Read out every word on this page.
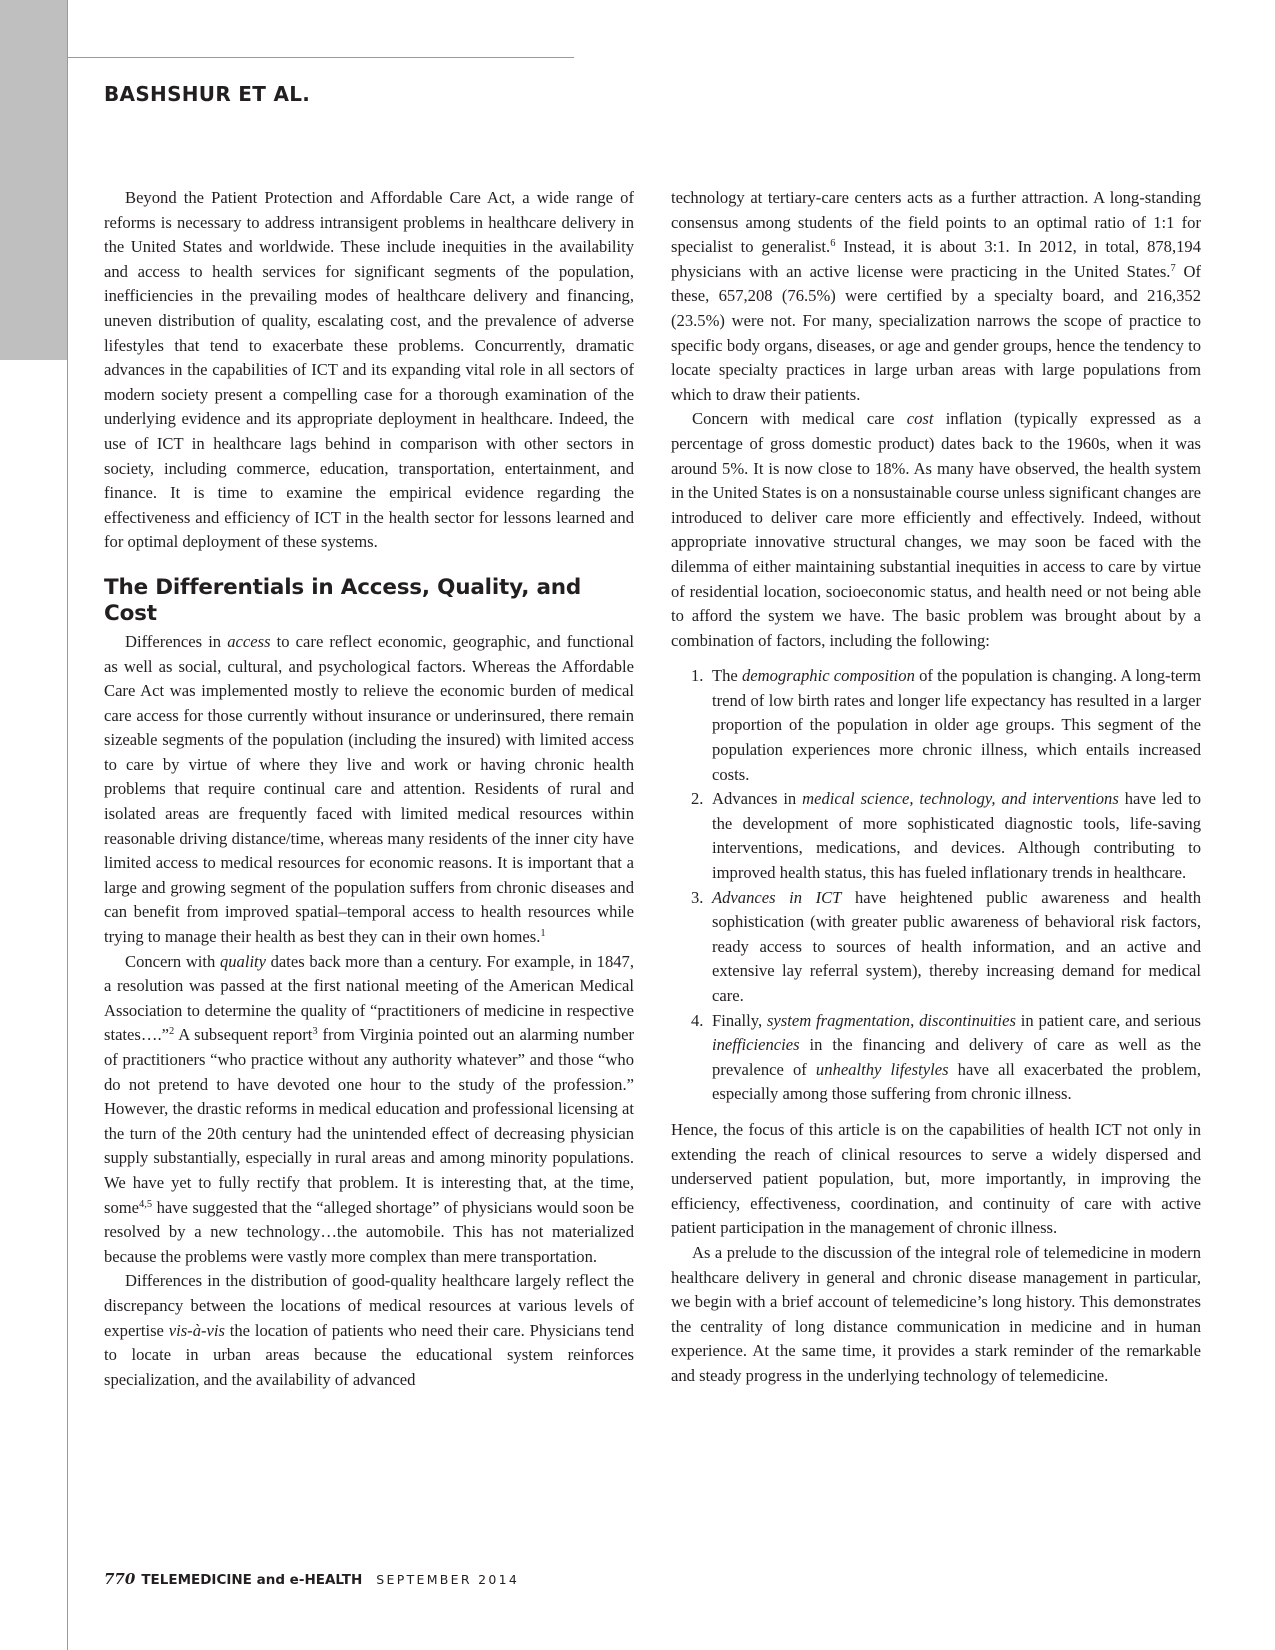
BASHSHUR ET AL.

Beyond the Patient Protection and Affordable Care Act, a wide range of reforms is necessary to address intransigent problems in healthcare delivery in the United States and worldwide. These include inequities in the availability and access to health services for significant segments of the population, inefficiencies in the prevailing modes of healthcare delivery and financing, uneven distribution of quality, escalating cost, and the prevalence of adverse lifestyles that tend to exacerbate these problems. Concurrently, dramatic advances in the capabilities of ICT and its expanding vital role in all sectors of modern society present a compelling case for a thorough examination of the underlying evidence and its appropriate deployment in healthcare. Indeed, the use of ICT in healthcare lags behind in comparison with other sectors in society, including commerce, education, transportation, entertainment, and finance. It is time to examine the empirical evidence regarding the effectiveness and efficiency of ICT in the health sector for lessons learned and for optimal deployment of these systems.

The Differentials in Access, Quality, and Cost

Differences in access to care reflect economic, geographic, and functional as well as social, cultural, and psychological factors. Whereas the Affordable Care Act was implemented mostly to relieve the economic burden of medical care access for those currently without insurance or underinsured, there remain sizeable segments of the population (including the insured) with limited access to care by virtue of where they live and work or having chronic health problems that require continual care and attention. Residents of rural and isolated areas are frequently faced with limited medical resources within reasonable driving distance/time, whereas many residents of the inner city have limited access to medical resources for economic reasons. It is important that a large and growing segment of the population suffers from chronic diseases and can benefit from improved spatial–temporal access to health resources while trying to manage their health as best they can in their own homes.$^1$

Concern with quality dates back more than a century. For example, in 1847, a resolution was passed at the first national meeting of the American Medical Association to determine the quality of “practitioners of medicine in respective states….”$^2$ A subsequent report$^3$ from Virginia pointed out an alarming number of practitioners “who practice without any authority whatever” and those “who do not pretend to have devoted one hour to the study of the profession.” However, the drastic reforms in medical education and professional licensing at the turn of the 20th century had the unintended effect of decreasing physician supply substantially, especially in rural areas and among minority populations. We have yet to fully rectify that problem. It is interesting that, at the time, some$^{4,5}$ have suggested that the “alleged shortage” of physicians would soon be resolved by a new technology…the automobile. This has not materialized because the problems were vastly more complex than mere transportation.

Differences in the distribution of good-quality healthcare largely reflect the discrepancy between the locations of medical resources at various levels of expertise vis-à-vis the location of patients who need their care. Physicians tend to locate in urban areas because the educational system reinforces specialization, and the availability of advanced

technology at tertiary-care centers acts as a further attraction. A long-standing consensus among students of the field points to an optimal ratio of 1:1 for specialist to generalist.$^6$ Instead, it is about 3:1. In 2012, in total, 878,194 physicians with an active license were practicing in the United States.$^7$ Of these, 657,208 (76.5%) were certified by a specialty board, and 216,352 (23.5%) were not. For many, specialization narrows the scope of practice to specific body organs, diseases, or age and gender groups, hence the tendency to locate specialty practices in large urban areas with large populations from which to draw their patients.

Concern with medical care cost inflation (typically expressed as a percentage of gross domestic product) dates back to the 1960s, when it was around 5%. It is now close to 18%. As many have observed, the health system in the United States is on a nonsustainable course unless significant changes are introduced to deliver care more efficiently and effectively. Indeed, without appropriate innovative structural changes, we may soon be faced with the dilemma of either maintaining substantial inequities in access to care by virtue of residential location, socioeconomic status, and health need or not being able to afford the system we have. The basic problem was brought about by a combination of factors, including the following:

1. The demographic composition of the population is changing. A long-term trend of low birth rates and longer life expectancy has resulted in a larger proportion of the population in older age groups. This segment of the population experiences more chronic illness, which entails increased costs.
2. Advances in medical science, technology, and interventions have led to the development of more sophisticated diagnostic tools, life-saving interventions, medications, and devices. Although contributing to improved health status, this has fueled inflationary trends in healthcare.
3. Advances in ICT have heightened public awareness and health sophistication (with greater public awareness of behavioral risk factors, ready access to sources of health information, and an active and extensive lay referral system), thereby increasing demand for medical care.
4. Finally, system fragmentation, discontinuities in patient care, and serious inefficiencies in the financing and delivery of care as well as the prevalence of unhealthy lifestyles have all exacerbated the problem, especially among those suffering from chronic illness.

Hence, the focus of this article is on the capabilities of health ICT not only in extending the reach of clinical resources to serve a widely dispersed and underserved patient population, but, more importantly, in improving the efficiency, effectiveness, coordination, and continuity of care with active patient participation in the management of chronic illness.

As a prelude to the discussion of the integral role of telemedicine in modern healthcare delivery in general and chronic disease management in particular, we begin with a brief account of telemedicine’s long history. This demonstrates the centrality of long distance communication in medicine and in human experience. At the same time, it provides a stark reminder of the remarkable and steady progress in the underlying technology of telemedicine.

770 TELEMEDICINE and e-HEALTH SEPTEMBER 2014
